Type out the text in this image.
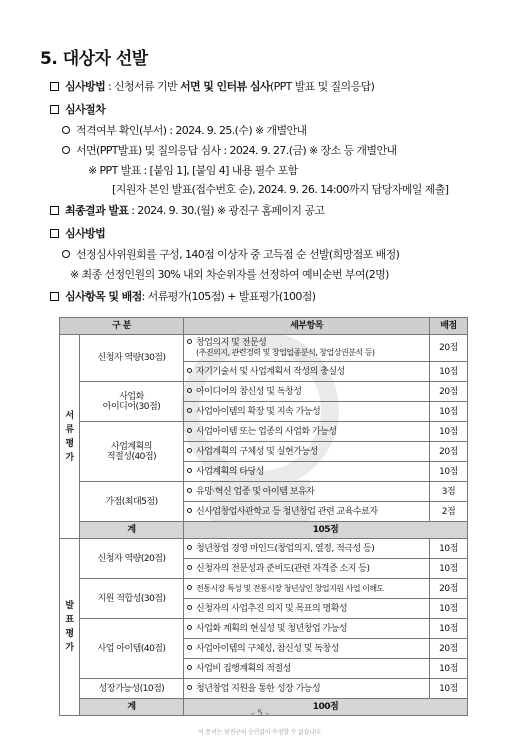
5. 대상자 선발
심사방법 : 신청서류 기반 서면 및 인터뷰 심사(PPT 발표 및 질의응답)
심사절차
적격여부 확인(부서) : 2024. 9. 25.(수) ※ 개별안내
서면(PPT발표) 및 질의응답 심사 : 2024. 9. 27.(금) ※ 장소 등 개별안내
※ PPT 발표 : [붙임 1], [붙임 4] 내용 필수 포함
[지원자 본인 발표(접수번호 순), 2024. 9. 26. 14:00까지 담당자메일 제출]
최종결과 발표 : 2024. 9. 30.(월) ※ 광진구 홈페이지 공고
심사방법
선정심사위원회를 구성, 140점 이상자 중 고득점 순 선발(희망점포 배정)
※ 최종 선정인원의 30% 내외 차순위자를 선정하여 예비순번 부여(2명)
심사항목 및 배점: 서류평가(105점) + 발표평가(100점)
구 분		세부항목	배점
서 류 평 가	신청자 역량(30점)	창업의지 및 전문성
(추진의지, 관련경력 및 창업업종분석, 창업상권분석 등)	20점
		자기기술서 및 사업계획서 작성의 충실성	10점
	사업화
아이디어(30점)	아이디어의 참신성 및 독창성	20점
		사업아이템의 확장 및 지속 가능성	10점
	사업계획의
적절성(40점)	사업아이템 또는 업종의 사업화 가능성	10점
		사업계획의 구체성 및 실현가능성	20점
		사업계획의 타당성	10점
	가점(최대5점)	유망·혁신 업종 및 아이템 보유자	3점
		신사업창업사관학교 등 청년창업 관련 교육수료자	2점
	계	105점	
발 표 평 가	신청자 역량(20점)	청년창업 경영 마인드(창업의지, 열정, 적극성 등)	10점
		신청자의 전문성과 준비도(관련 자격증 소지 등)	10점
	지원 적합성(30점)	전통시장 특성 및 전통시장 청년상인 창업지원 사업 이해도	20점
		신청자의 사업추진 의지 및 목표의 명확성	10점
	사업 아이템(40점)	사업화 계획의 현실성 및 청년창업 가능성	10점
		사업아이템의 구체성, 참신성 및 독창성	20점
		사업비 집행계획의 적절성	10점
	성장가능성(10점)	청년창업 지원을 통한 성장 가능성	10점
	계	100점	
- 5 -
이 문서는 광진구의 승인없이 수정할 수 없습니다.
